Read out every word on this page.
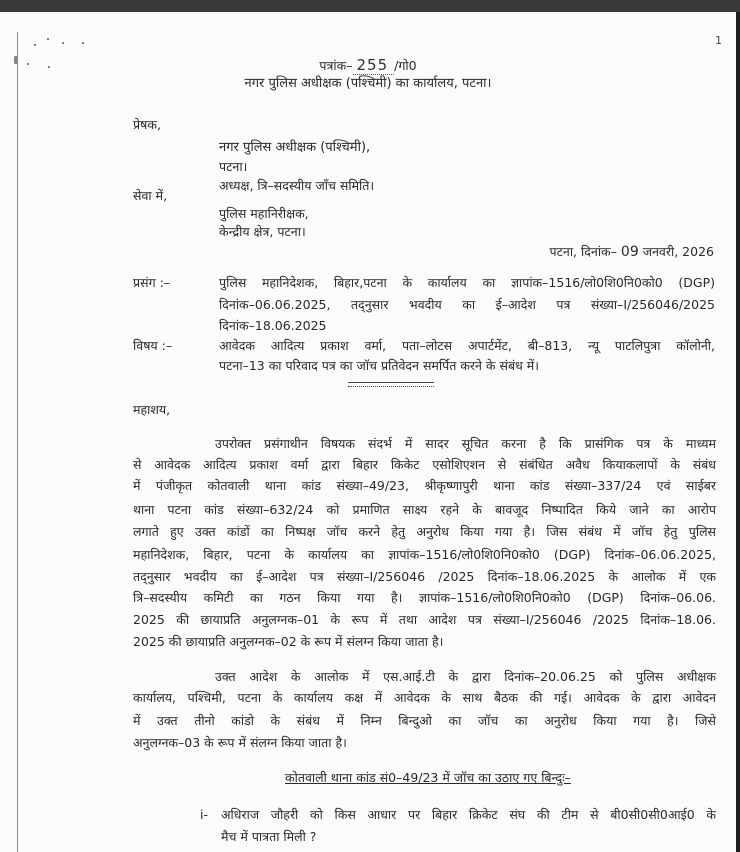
1
पत्रांक– 255 /गो0
नगर पुलिस अधीक्षक (पश्चिमी) का कार्यालय, पटना।
प्रेषक,
नगर पुलिस अधीक्षक (पश्चिमी),
पटना।
अध्यक्ष, त्रि–सदस्यीय जाँच समिति।
सेवा में,
पुलिस महानिरीक्षक,
केन्द्रीय क्षेत्र, पटना।
पटना, दिनांक– 09 जनवरी, 2026
प्रसंग :–	पुलिस महानिदेशक, बिहार,पटना के कार्यालय का ज्ञापांक–1516/लो0शि0नि0को0 (DGP)
दिनांक–06.06.2025, तद्नुसार भवदीय का ई–आदेश पत्र संख्या–I/256046/2025
दिनांक–18.06.2025
विषय :–	आवेदक आदित्य प्रकाश वर्मा, पता–लोटस अपार्टमेंट, बी–813, न्यू पाटलिपुत्रा कॉलोनी,
पटना–13 का परिवाद पत्र का जॉच प्रतिवेदन समर्पित करने के संबंध में।
महाशय,
उपरोक्त प्रसंगाधीन विषयक संदर्भ में सादर सूचित करना है कि प्रासंगिक पत्र के माध्यम
से आवेदक आदित्य प्रकाश वर्मा द्वारा बिहार किकेट एसोशिएशन से संबंधित अवैध कियाकलापों के संबंध
में पंजीकृत कोतवाली थाना कांड संख्या–49/23, श्रीकृष्णापुरी थाना कांड संख्या–337/24 एवं साईबर
थाना पटना कांड संख्या–632/24 को प्रमाणित साक्ष्य रहने के बावजूद निष्पादित किये जाने का आरोप
लगाते हुए उक्त कांडों का निष्पक्ष जॉच करने हेतु अनुरोध किया गया है। जिस संबंध में जॉच हेतु पुलिस
महानिदेशक, बिहार, पटना के कार्यालय का ज्ञापांक–1516/लो0शि0नि0को0 (DGP) दिनांक–06.06.2025,
तद्नुसार भवदीय का ई–आदेश पत्र संख्या–I/256046 /2025 दिनांक–18.06.2025 के आलोक में एक
त्रि–सदस्यीय कमिटी का गठन किया गया है। ज्ञापांक–1516/लो0शि0नि0को0 (DGP) दिनांक–06.06.
2025 की छायाप्रति अनुलग्नक–01 के रूप में तथा आदेश पत्र संख्या–I/256046 /2025 दिनांक–18.06.
2025 की छायाप्रति अनुलग्नक–02 के रूप में संलग्न किया जाता है।
उक्त आदेश के आलोक में एस.आई.टी के द्वारा दिनांक–20.06.25 को पुलिस अधीक्षक
कार्यालय, पश्चिमी, पटना के कार्यालय कक्ष में आवेदक के साथ बैठक की गई। आवेदक के द्वारा आवेदन
में उक्त तीनो कांडो के संबंध में निम्न बिन्दुओ का जॉच का अनुरोध किया गया है। जिसे
अनुलग्नक–03 के रूप में संलग्न किया जाता है।
कोतवाली थाना कांड सं0–49/23 में जॉच का उठाए गए बिन्दुः–
i- अधिराज जौहरी को किस आधार पर बिहार क्रिकेट संघ की टीम से बी0सी0सी0आई0 के
मैच में पात्रता मिली ?
